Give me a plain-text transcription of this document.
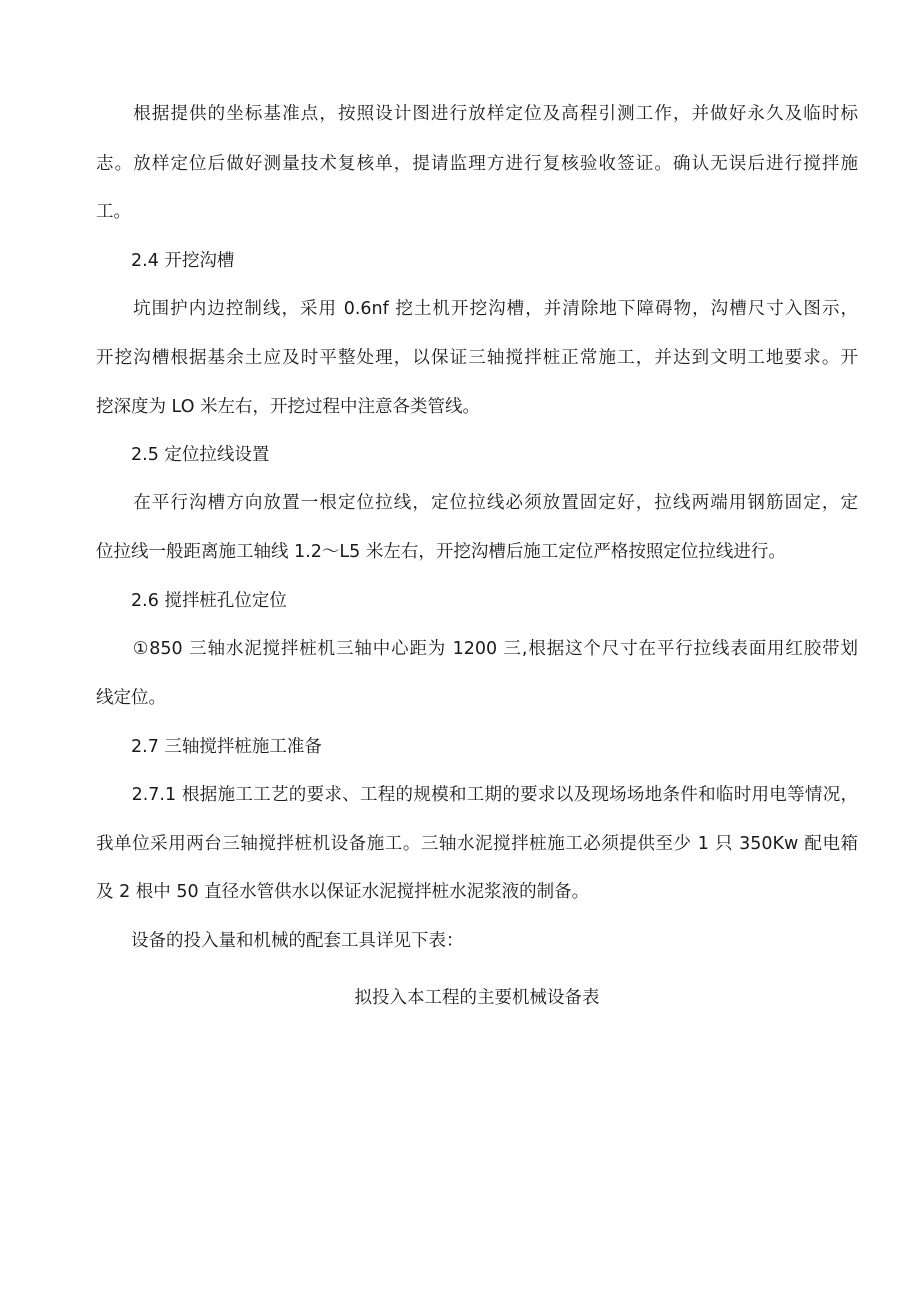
　　根据提供的坐标基准点，按照设计图进行放样定位及高程引测工作，并做好永久及临时标
志。放样定位后做好测量技术复核单，提请监理方进行复核验收签证。确认无误后进行搅拌施
工。
　　2.4 开挖沟槽
　　坑围护内边控制线，采用 0.6nf 挖土机开挖沟槽，并清除地下障碍物，沟槽尺寸入图示，
开挖沟槽根据基余土应及时平整处理，以保证三轴搅拌桩正常施工，并达到文明工地要求。开
挖深度为 LO 米左右，开挖过程中注意各类管线。
　　2.5 定位拉线设置
　　在平行沟槽方向放置一根定位拉线，定位拉线必须放置固定好，拉线两端用钢筋固定，定
位拉线一般距离施工轴线 1.2〜L5 米左右，开挖沟槽后施工定位严格按照定位拉线进行。
　　2.6 搅拌桩孔位定位
　　①850 三轴水泥搅拌桩机三轴中心距为 1200 三,根据这个尺寸在平行拉线表面用红胶带划
线定位。
　　2.7 三轴搅拌桩施工准备
　　2.7.1 根据施工工艺的要求、工程的规模和工期的要求以及现场场地条件和临时用电等情况，
我单位采用两台三轴搅拌桩机设备施工。三轴水泥搅拌桩施工必须提供至少 1 只 350Kw 配电箱
及 2 根中 50 直径水管供水以保证水泥搅拌桩水泥浆液的制备。
　　设备的投入量和机械的配套工具详见下表：
拟投入本工程的主要机械设备表
